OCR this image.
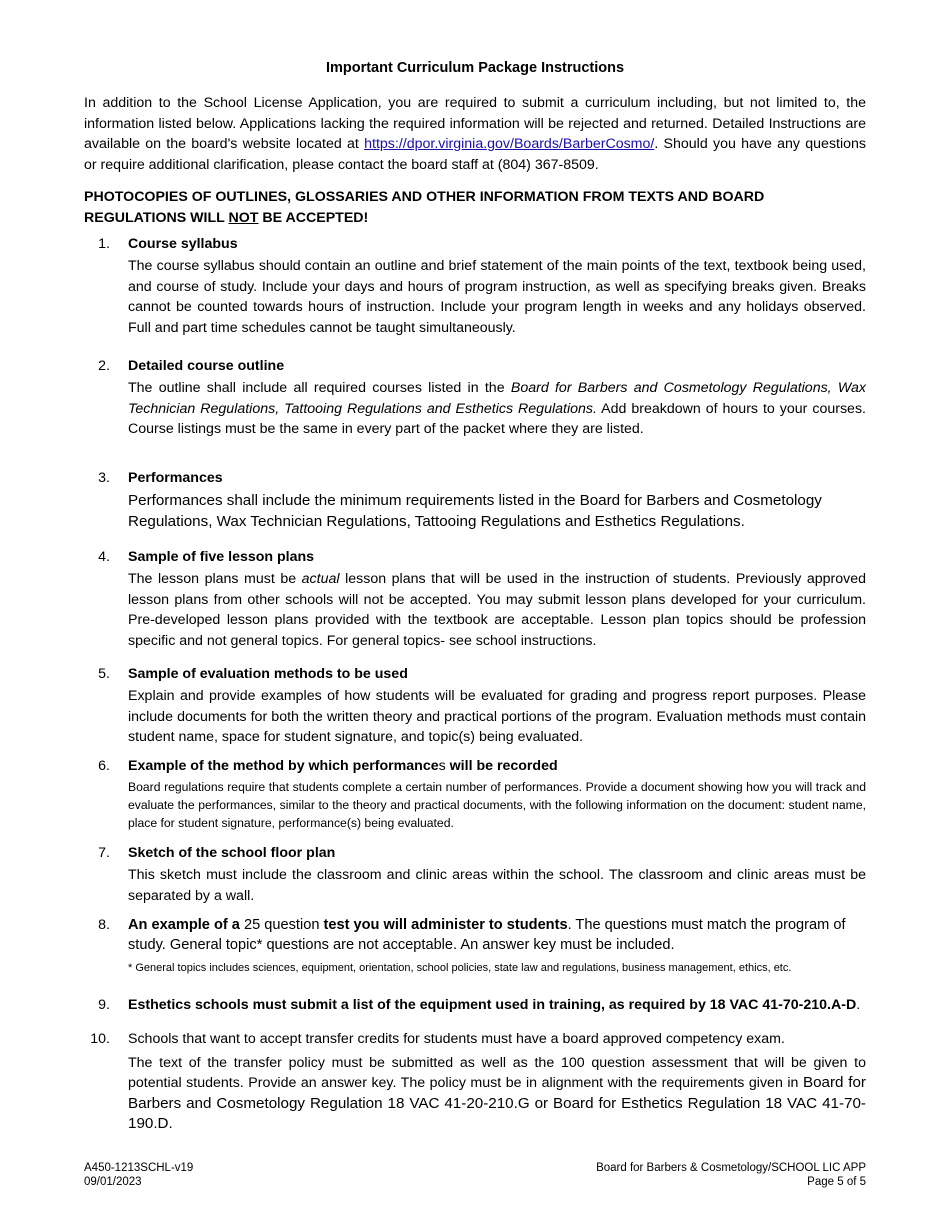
Important Curriculum Package Instructions

In addition to the School License Application, you are required to submit a curriculum including, but not limited to, the information listed below. Applications lacking the required information will be rejected and returned. Detailed Instructions are available on the board's website located at https://dpor.virginia.gov/Boards/BarberCosmo/. Should you have any questions or require additional clarification, please contact the board staff at (804) 367-8509.

PHOTOCOPIES OF OUTLINES, GLOSSARIES AND OTHER INFORMATION FROM TEXTS AND BOARD REGULATIONS WILL NOT BE ACCEPTED!

1. Course syllabus
The course syllabus should contain an outline and brief statement of the main points of the text, textbook being used, and course of study. Include your days and hours of program instruction, as well as specifying breaks given. Breaks cannot be counted towards hours of instruction. Include your program length in weeks and any holidays observed. Full and part time schedules cannot be taught simultaneously.
2. Detailed course outline
The outline shall include all required courses listed in the Board for Barbers and Cosmetology Regulations, Wax Technician Regulations, Tattooing Regulations and Esthetics Regulations. Add breakdown of hours to your courses. Course listings must be the same in every part of the packet where they are listed.
3. Performances
Performances shall include the minimum requirements listed in the Board for Barbers and Cosmetology Regulations, Wax Technician Regulations, Tattooing Regulations and Esthetics Regulations.
4. Sample of five lesson plans
The lesson plans must be actual lesson plans that will be used in the instruction of students. Previously approved lesson plans from other schools will not be accepted. You may submit lesson plans developed for your curriculum. Pre-developed lesson plans provided with the textbook are acceptable. Lesson plan topics should be profession specific and not general topics. For general topics- see school instructions.
5. Sample of evaluation methods to be used
Explain and provide examples of how students will be evaluated for grading and progress report purposes. Please include documents for both the written theory and practical portions of the program. Evaluation methods must contain student name, space for student signature, and topic(s) being evaluated.
6. Example of the method by which performances will be recorded
Board regulations require that students complete a certain number of performances. Provide a document showing how you will track and evaluate the performances, similar to the theory and practical documents, with the following information on the document: student name, place for student signature, performance(s) being evaluated.
7. Sketch of the school floor plan
This sketch must include the classroom and clinic areas within the school. The classroom and clinic areas must be separated by a wall.
8. An example of a 25 question test you will administer to students. The questions must match the program of study. General topic* questions are not acceptable. An answer key must be included.
* General topics includes sciences, equipment, orientation, school policies, state law and regulations, business management, ethics, etc.
9. Esthetics schools must submit a list of the equipment used in training, as required by 18 VAC 41-70-210.A-D.
10. Schools that want to accept transfer credits for students must have a board approved competency exam.
The text of the transfer policy must be submitted as well as the 100 question assessment that will be given to potential students. Provide an answer key. The policy must be in alignment with the requirements given in Board for Barbers and Cosmetology Regulation 18 VAC 41-20-210.G or Board for Esthetics Regulation 18 VAC 41-70-190.D.
A450-1213SCHL-v19
09/01/2023
Board for Barbers & Cosmetology/SCHOOL LIC APP
Page 5 of 5
